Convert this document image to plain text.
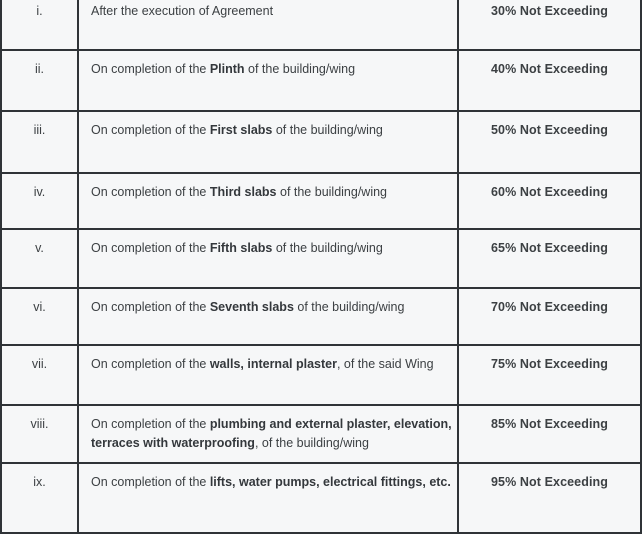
i.	After the execution of Agreement	30% Not Exceeding
ii.	On completion of the Plinth of the building/wing	40% Not Exceeding
iii.	On completion of the First slabs of the building/wing	50% Not Exceeding
iv.	On completion of the Third slabs of the building/wing	60% Not Exceeding
v.	On completion of the Fifth slabs of the building/wing	65% Not Exceeding
vi.	On completion of the Seventh slabs of the building/wing	70% Not Exceeding
vii.	On completion of the walls, internal plaster, of the said Wing	75% Not Exceeding
viii.	On completion of the plumbing and external plaster, elevation,
terraces with waterproofing, of the building/wing	85% Not Exceeding
ix.	On completion of the lifts, water pumps, electrical fittings, etc.	95% Not Exceeding
